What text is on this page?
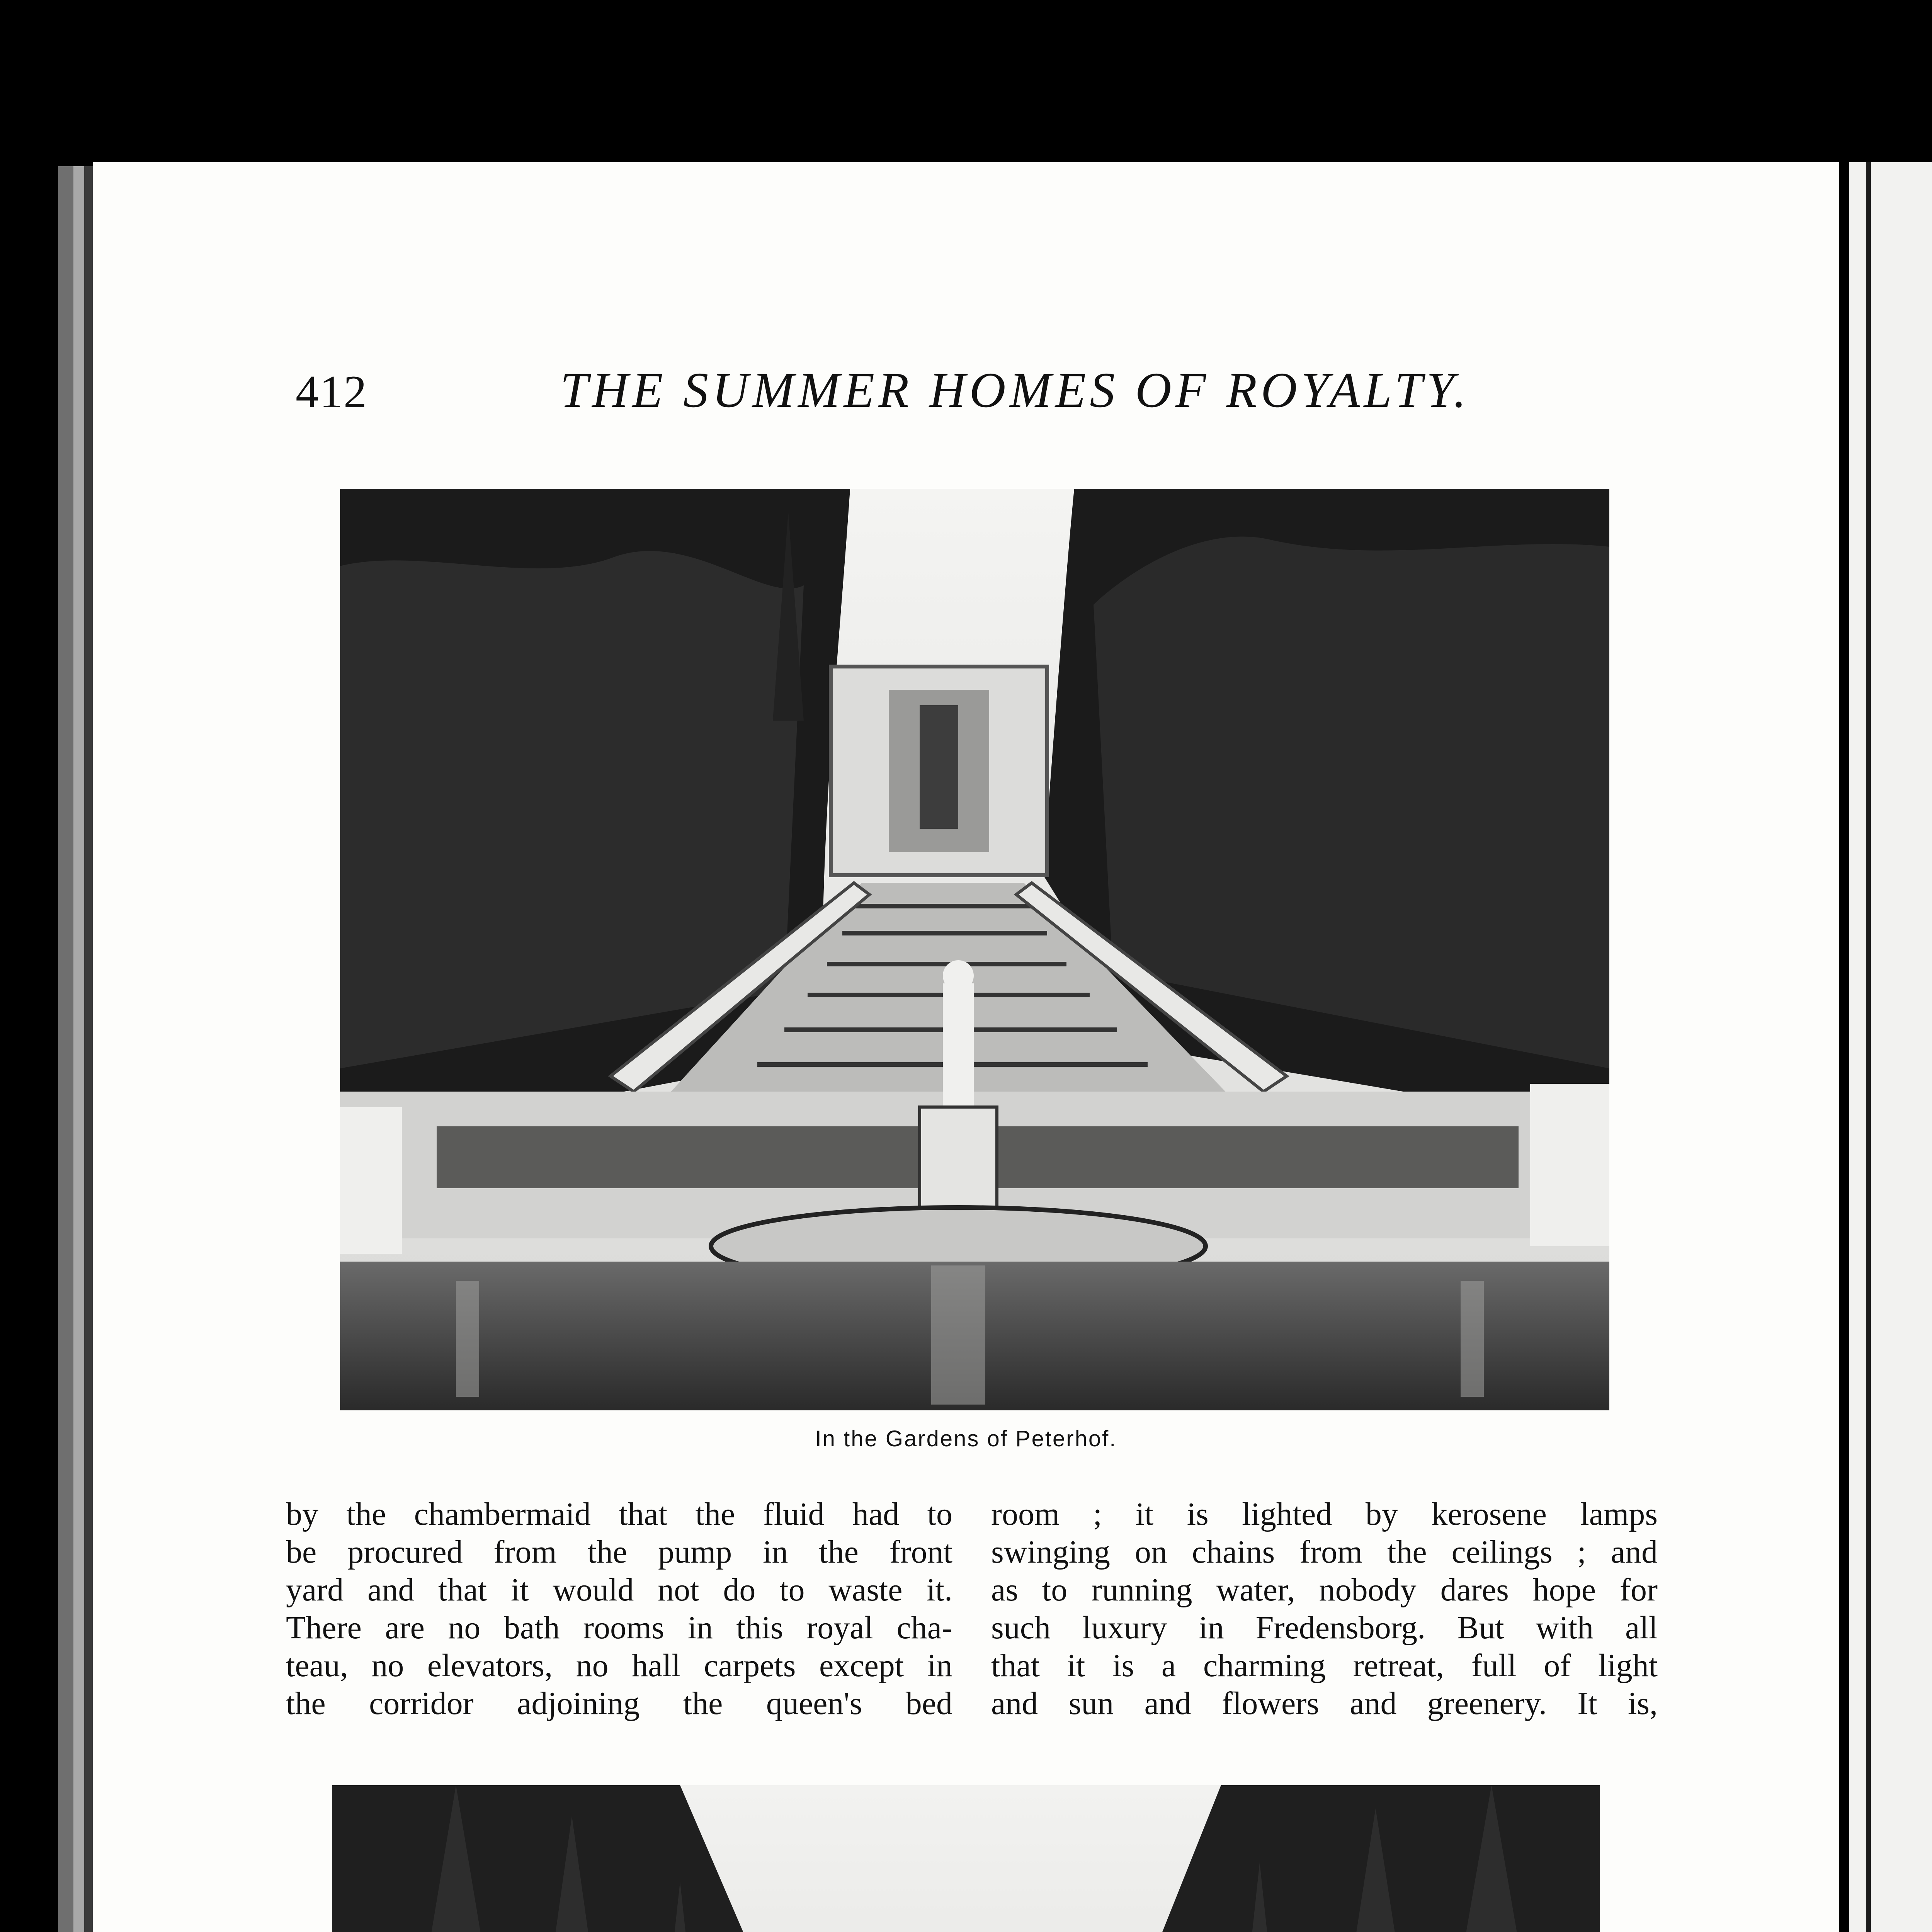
412	THE SUMMER HOMES OF ROYALTY.
In the Gardens of Peterhof.
by the chambermaid that the fluid had to
be procured from the pump in the front
yard and that it would not do to waste it.
There are no bath rooms in this royal cha-
teau, no elevators, no hall carpets except in
the corridor adjoining the queen's bed
room ; it is lighted by kerosene lamps
swinging on chains from the ceilings ; and
as to running water, nobody dares hope for
such luxury in Fredensborg. But with all
that it is a charming retreat, full of light
and sun and flowers and greenery. It is,
